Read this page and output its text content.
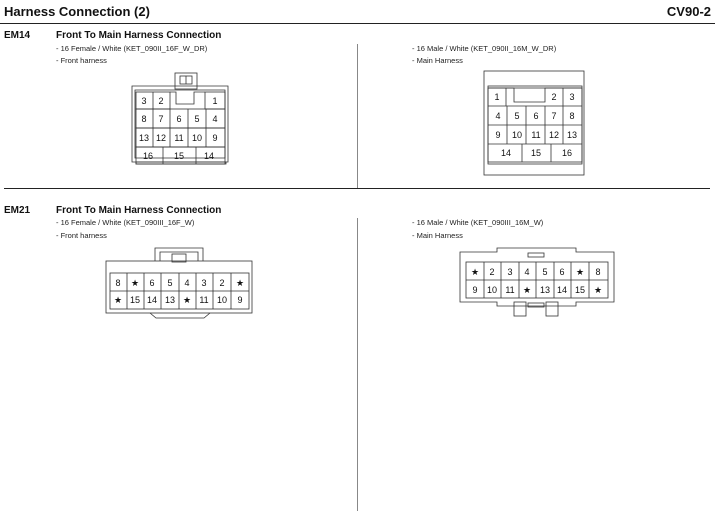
Harness Connection (2)	CV90-2
EM14	Front To Main Harness Connection
- 16 Female / White (KET_090II_16F_W_DR)
- Front harness
- 16 Male / White (KET_090II_16M_W_DR)
- Main Harness
3 2	1
8 7 6 5 4
13 12 11 10 9
16 15 14
1	2 3
4 5 6 7 8
9 10 11 12 13
14 15 16
8 ★ 6 5 4 3 2 ★
★ 15 14 13 ★ 11 10 9
★ 2 3 4 5 6 ★ 8
9 10 11 ★ 13 14 15 ★
EM21	Front To Main Harness Connection
- 16 Female / White (KET_090III_16F_W)
- Front harness
- 16 Male / White (KET_090III_16M_W)
- Main Harness
